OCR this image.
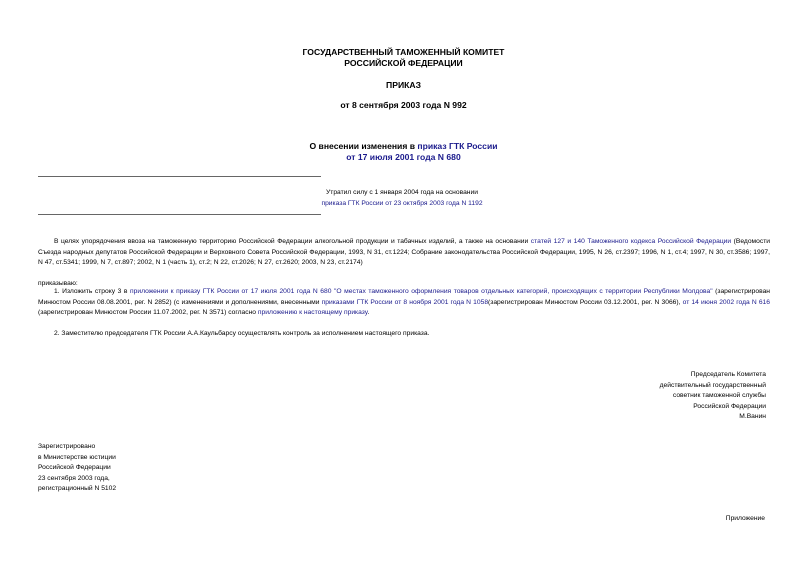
ГОСУДАРСТВЕННЫЙ ТАМОЖЕННЫЙ КОМИТЕТ
РОССИЙСКОЙ ФЕДЕРАЦИИ
ПРИКАЗ
от 8 сентября 2003 года N 992
О внесении изменения в приказ ГТК России
от 17 июля 2001 года N 680
Утратил силу с 1 января 2004 года на основании
приказа ГТК России от 23 октября 2003 года N 1192
В целях упорядочения ввоза на таможенную территорию Российской Федерации алкогольной продукции и табачных изделий, а также на основании статей 127 и 140 Таможенного кодекса Российской Федерации (Ведомости Съезда народных депутатов Российской Федерации и Верховного Совета Российской Федерации, 1993, N 31, ст.1224; Собрание законодательства Российской Федерации, 1995, N 26, ст.2397; 1996, N 1, ст.4; 1997, N 30, ст.3586; 1997, N 47, ст.5341; 1999, N 7, ст.897; 2002, N 1 (часть 1), ст.2; N 22, ст.2026; N 27, ст.2620; 2003, N 23, ст.2174)
приказываю:
1. Изложить строку 3 в приложении к приказу ГТК России от 17 июля 2001 года N 680 "О местах таможенного оформления товаров отдельных категорий, происходящих с территории Республики Молдова" (зарегистрирован Минюстом России 08.08.2001, рег. N 2852) (с изменениями и дополнениями, внесенными приказами ГТК России от 8 ноября 2001 года N 1058(зарегистрирован Минюстом России 03.12.2001, рег. N 3066), от 14 июня 2002 года N 616 (зарегистрирован Минюстом России 11.07.2002, рег. N 3571) согласно приложению к настоящему приказу.
2. Заместителю председателя ГТК России А.А.Каульбарсу осуществлять контроль за исполнением настоящего приказа.
Председатель Комитета
действительный государственный
советник таможенной службы
Российской Федерации
М.Ванин
Зарегистрировано
в Министерстве юстиции
Российской Федерации
23 сентября 2003 года,
регистрационный N 5102
Приложение
